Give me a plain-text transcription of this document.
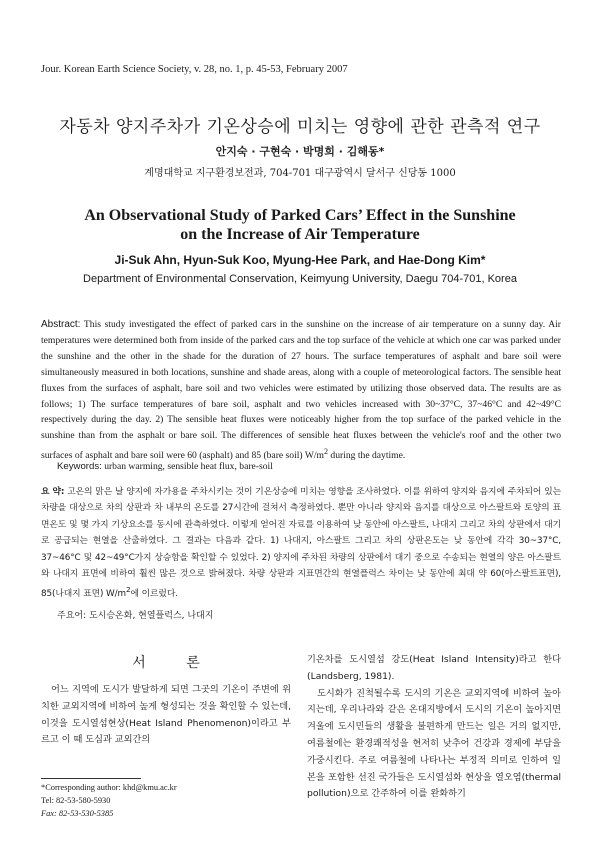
Jour. Korean Earth Science Society, v. 28, no. 1, p. 45-53, February 2007
자동차 양지주차가 기온상승에 미치는 영향에 관한 관측적 연구
안지숙 · 구현숙 · 박명희 · 김해동*
계명대학교 지구환경보전과, 704-701 대구광역시 달서구 신당동 1000
An Observational Study of Parked Cars’ Effect in the Sunshine
on the Increase of Air Temperature
Ji-Suk Ahn, Hyun-Suk Koo, Myung-Hee Park, and Hae-Dong Kim*
Department of Environmental Conservation, Keimyung University, Daegu 704-701, Korea
Abstract: This study investigated the effect of parked cars in the sunshine on the increase of air temperature on a sunny day. Air temperatures were determined both from inside of the parked cars and the top surface of the vehicle at which one car was parked under the sunshine and the other in the shade for the duration of 27 hours. The surface temperatures of asphalt and bare soil were simultaneously measured in both locations, sunshine and shade areas, along with a couple of meteorological factors. The sensible heat fluxes from the surfaces of asphalt, bare soil and two vehicles were estimated by utilizing those observed data. The results are as follows; 1) The surface temperatures of bare soil, asphalt and two vehicles increased with 30~37°C, 37~46°C and 42~49°C respectively during the day. 2) The sensible heat fluxes were noticeably higher from the top surface of the parked vehicle in the sunshine than from the asphalt or bare soil. The differences of sensible heat fluxes between the vehicle's roof and the other two surfaces of asphalt and bare soil were 60 (asphalt) and 85 (bare soil) $W/m^2$ during the daytime.
Keywords: urban warming, sensible heat flux, bare-soil
요 약: 고온의 맑은 날 양지에 자가용을 주차시키는 것이 기온상승에 미치는 영향을 조사하였다. 이를 위하여 양지와 음지에 주차되어 있는 차량을 대상으로 차의 상판과 차 내부의 온도를 27시간에 걸쳐서 측정하였다. 뿐만 아니라 양지와 음지를 대상으로 아스팔트와 토양의 표면온도 및 몇 가지 기상요소를 동시에 관측하였다. 이렇게 얻어진 자료를 이용하여 낮 동안에 아스팔트, 나대지 그리고 차의 상판에서 대기로 공급되는 현열을 산출하였다. 그 결과는 다음과 같다. 1) 나대지, 아스팔트 그리고 차의 상판온도는 낮 동안에 각각 30~37°C, 37~46°C 및 42~49°C가지 상승함을 확인할 수 있었다. 2) 양지에 주차된 차량의 상판에서 대기 중으로 수송되는 현열의 양은 아스팔트와 나대지 표면에 비하여 훨씬 많은 것으로 밝혀졌다. 차량 상판과 지표면간의 현열플럭스 차이는 낮 동안에 최대 약 60(아스팔트표면), 85(나대지 표면) $W/m^2$에 이르렀다.
주요어: 도시승온화, 현열플럭스, 나대지
서 론

어느 지역에 도시가 발달하게 되면 그곳의 기온이 주변에 위치한 교외지역에 비하여 높게 형성되는 것을 확인할 수 있는데, 이것을 도시열섬현상(Heat Island Phenomenon)이라고 부르고 이 때 도심과 교외간의

기온차를 도시열섬 강도(Heat Island Intensity)라고 한다(Landsberg, 1981).

도시화가 진척될수록 도시의 기온은 교외지역에 비하여 높아지는데, 우리나라와 같은 온대지방에서 도시의 기온이 높아지면 겨울에 도시민들의 생활을 불편하게 만드는 일은 거의 없지만, 여름철에는 환경쾌적성을 현저히 낮추어 건강과 경제에 부담을 가중시킨다. 주로 여름철에 나타나는 부정적 의미로 인하여 일본을 포함한 선진 국가들은 도시열섬화 현상을 열오염(thermal pollution)으로 간주하여 이를 완화하기

*Corresponding author: khd@kmu.ac.kr
Tel: 82-53-580-5930
Fax: 82-53-530-5385
